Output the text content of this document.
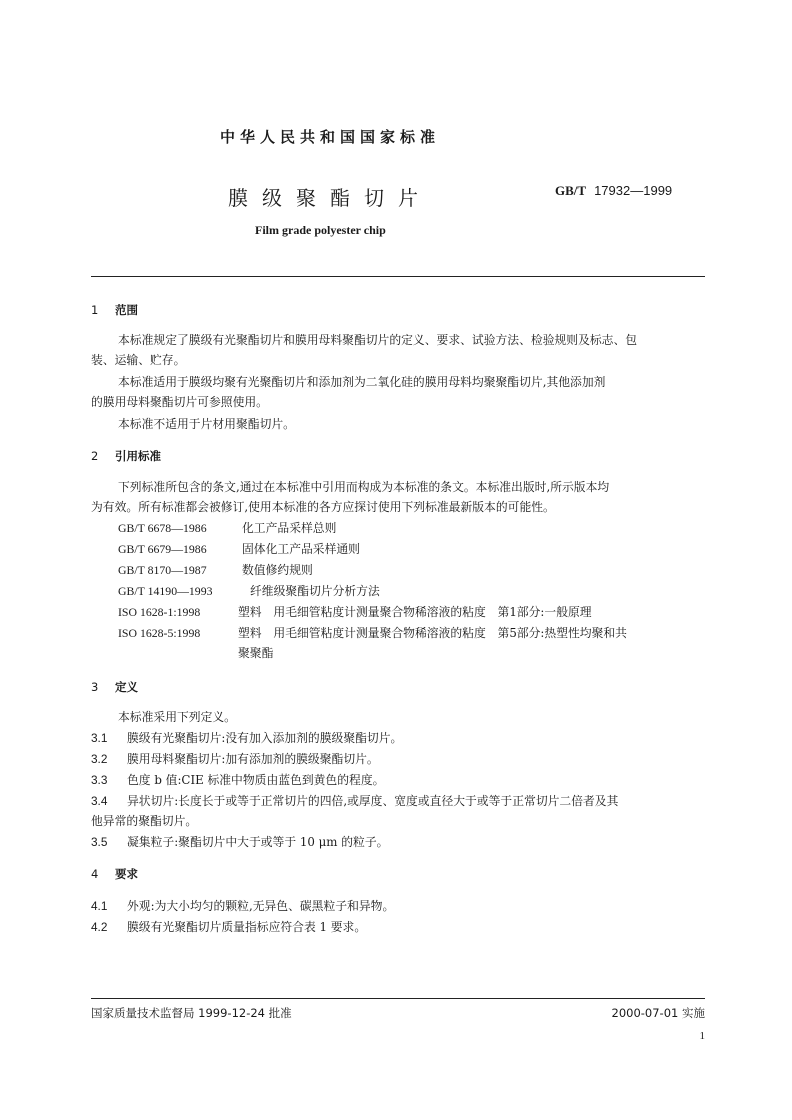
中华人民共和国国家标准
膜级聚酯切片	GB/T 17932—1999
Film grade polyester chip
1 范围
本标准规定了膜级有光聚酯切片和膜用母料聚酯切片的定义、要求、试验方法、检验规则及标志、包
装、运输、贮存。
本标准适用于膜级均聚有光聚酯切片和添加剂为二氧化硅的膜用母料均聚聚酯切片,其他添加剂
的膜用母料聚酯切片可参照使用。
本标准不适用于片材用聚酯切片。
2 引用标准
下列标准所包含的条文,通过在本标准中引用而构成为本标准的条文。本标准出版时,所示版本均
为有效。所有标准都会被修订,使用本标准的各方应探讨使用下列标准最新版本的可能性。
GB/T 6678—1986	化工产品采样总则
GB/T 6679—1986	固体化工产品采样通则
GB/T 8170—1987	数值修约规则
GB/T 14190—1993	纤维级聚酯切片分析方法
ISO 1628-1:1998	塑料　用毛细管粘度计测量聚合物稀溶液的粘度　第1部分:一般原理
ISO 1628-5:1998	塑料　用毛细管粘度计测量聚合物稀溶液的粘度　第5部分:热塑性均聚和共
聚聚酯
3 定义
本标准采用下列定义。
3.1 膜级有光聚酯切片:没有加入添加剂的膜级聚酯切片。
3.2 膜用母料聚酯切片:加有添加剂的膜级聚酯切片。
3.3 色度 b 值:CIE 标准中物质由蓝色到黄色的程度。
3.4 异状切片:长度长于或等于正常切片的四倍,或厚度、宽度或直径大于或等于正常切片二倍者及其
他异常的聚酯切片。
3.5 凝集粒子:聚酯切片中大于或等于 10 μm 的粒子。
4 要求
4.1 外观:为大小均匀的颗粒,无异色、碳黑粒子和异物。
4.2 膜级有光聚酯切片质量指标应符合表 1 要求。
国家质量技术监督局 1999-12-24 批准	2000-07-01 实施
1
